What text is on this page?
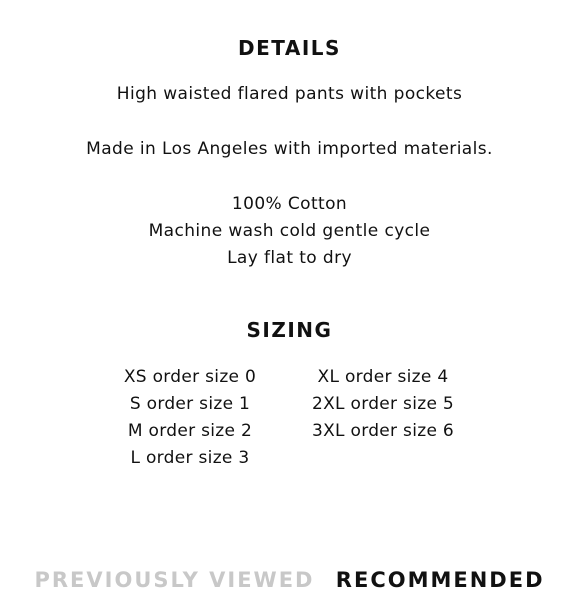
DETAILS
High waisted flared pants with pockets
Made in Los Angeles with imported materials.
100% Cotton
Machine wash cold gentle cycle
Lay flat to dry
SIZING
XS order size 0
S order size 1
M order size 2
L order size 3
XL order size 4
2XL order size 5
3XL order size 6
PREVIOUSLY VIEWED RECOMMENDED
